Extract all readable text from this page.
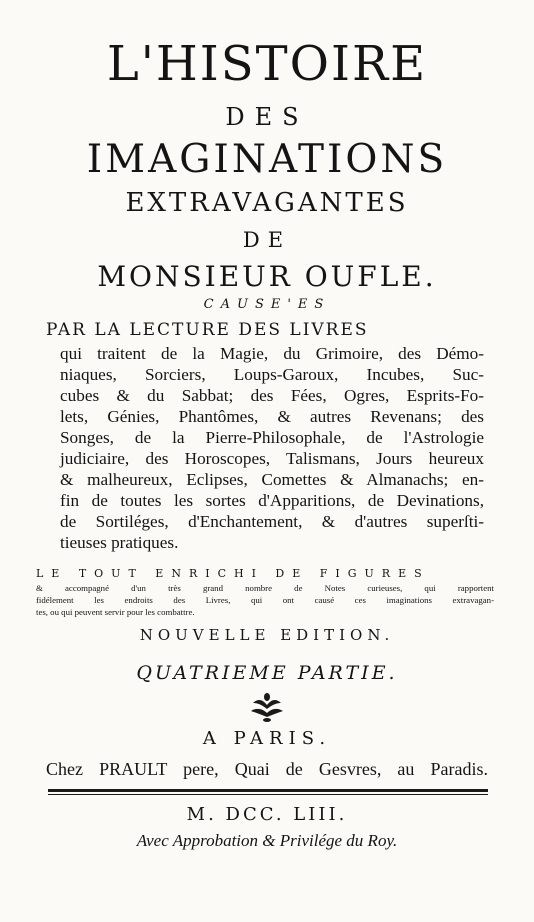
L'HISTOIRE
DES
IMAGINATIONS
EXTRAVAGANTES
DE
MONSIEUR OUFLE.
CAUSE'ES
PAR LA LECTURE DES LIVRES
qui traitent de la Magie, du Grimoire, des Démo-
niaques, Sorciers, Loups-Garoux, Incubes, Suc-
cubes & du Sabbat; des Fées, Ogres, Esprits-Fo-
lets, Génies, Phantômes, & autres Revenans; des
Songes, de la Pierre-Philosophale, de l'Astrologie
judiciaire, des Horoscopes, Talismans, Jours heureux
& malheureux, Eclipses, Comettes & Almanachs; en-
fin de toutes les sortes d'Apparitions, de Devinations,
de Sortiléges, d'Enchantement, & d'autres superſti-
tieuses pratiques.
LE TOUT ENRICHI DE FIGURES
& accompagné d'un très grand nombre de Notes curieuses, qui rapportent
fidélement les endroits des Livres, qui ont causé ces imaginations extravagan-
tes, ou qui peuvent servir pour les combattre.
NOUVELLE EDITION.
QUATRIEME PARTIE.
A PARIS.
Chez PRAULT pere, Quai de Gesvres, au Paradis.
M. DCC. LIII.
Avec Approbation & Privilége du Roy.
